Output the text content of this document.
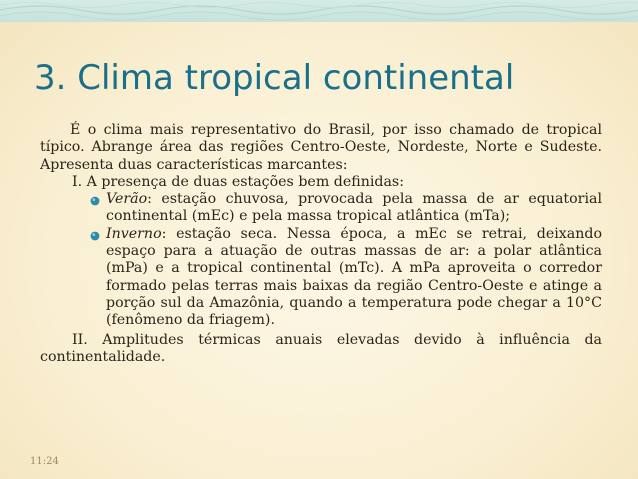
3. Clima tropical continental

É o clima mais representativo do Brasil, por isso chamado de tropical típico. Abrange área das regiões Centro-Oeste, Nordeste, Norte e Sudeste. Apresenta duas características marcantes:

I. A presença de duas estações bem definidas:

Verão: estação chuvosa, provocada pela massa de ar equatorial continental (mEc) e pela massa tropical atlântica (mTa);

Inverno: estação seca. Nessa época, a mEc se retrai, deixando espaço para a atuação de outras massas de ar: a polar atlântica (mPa) e a tropical continental (mTc). A mPa aproveita o corredor formado pelas terras mais baixas da região Centro-Oeste e atinge a porção sul da Amazônia, quando a temperatura pode chegar a 10°C (fenômeno da friagem).

II. Amplitudes térmicas anuais elevadas devido à influência da continentalidade.

11:24
